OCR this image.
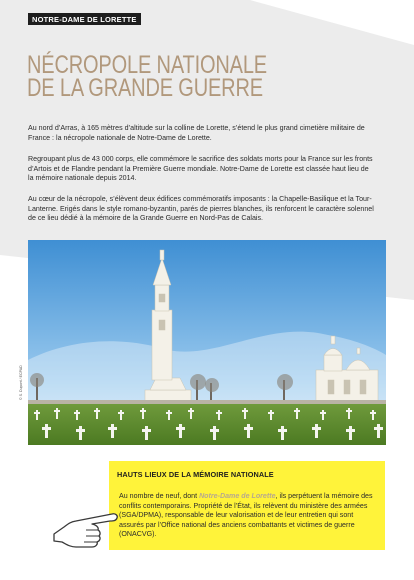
NOTRE-DAME DE LORETTE
NÉCROPOLE NATIONALE
DE LA GRANDE GUERRE
Au nord d’Arras, à 165 mètres d’altitude sur la colline de Lorette, s’étend le plus grand cimetière militaire de France : la nécropole nationale de Notre-Dame de Lorette.
Regroupant plus de 43 000 corps, elle commémore le sacrifice des soldats morts pour la France sur les fronts d’Artois et de Flandre pendant la Première Guerre mondiale. Notre-Dame de Lorette est classée haut lieu de la mémoire nationale depuis 2014.
Au cœur de la nécropole, s’élèvent deux édifices commémoratifs imposants : la Chapelle-Basilique et la Tour-Lanterne. Erigés dans le style romano-byzantin, parés de pierres blanches, ils renforcent le caractère solennel de ce lieu dédié à la mémoire de la Grande Guerre en Nord-Pas de Calais.
© S. Dupont / ECPAD
HAUTS LIEUX DE LA MÉMOIRE NATIONALE
Au nombre de neuf, dont Notre-Dame de Lorette, ils perpétuent la mémoire des conflits contemporains. Propriété de l’État, ils relèvent du ministère des armées (SGA/DPMA), responsable de leur valorisation et de leur entretien qui sont assurés par l’Office national des anciens combattants et victimes de guerre (ONACVG).
